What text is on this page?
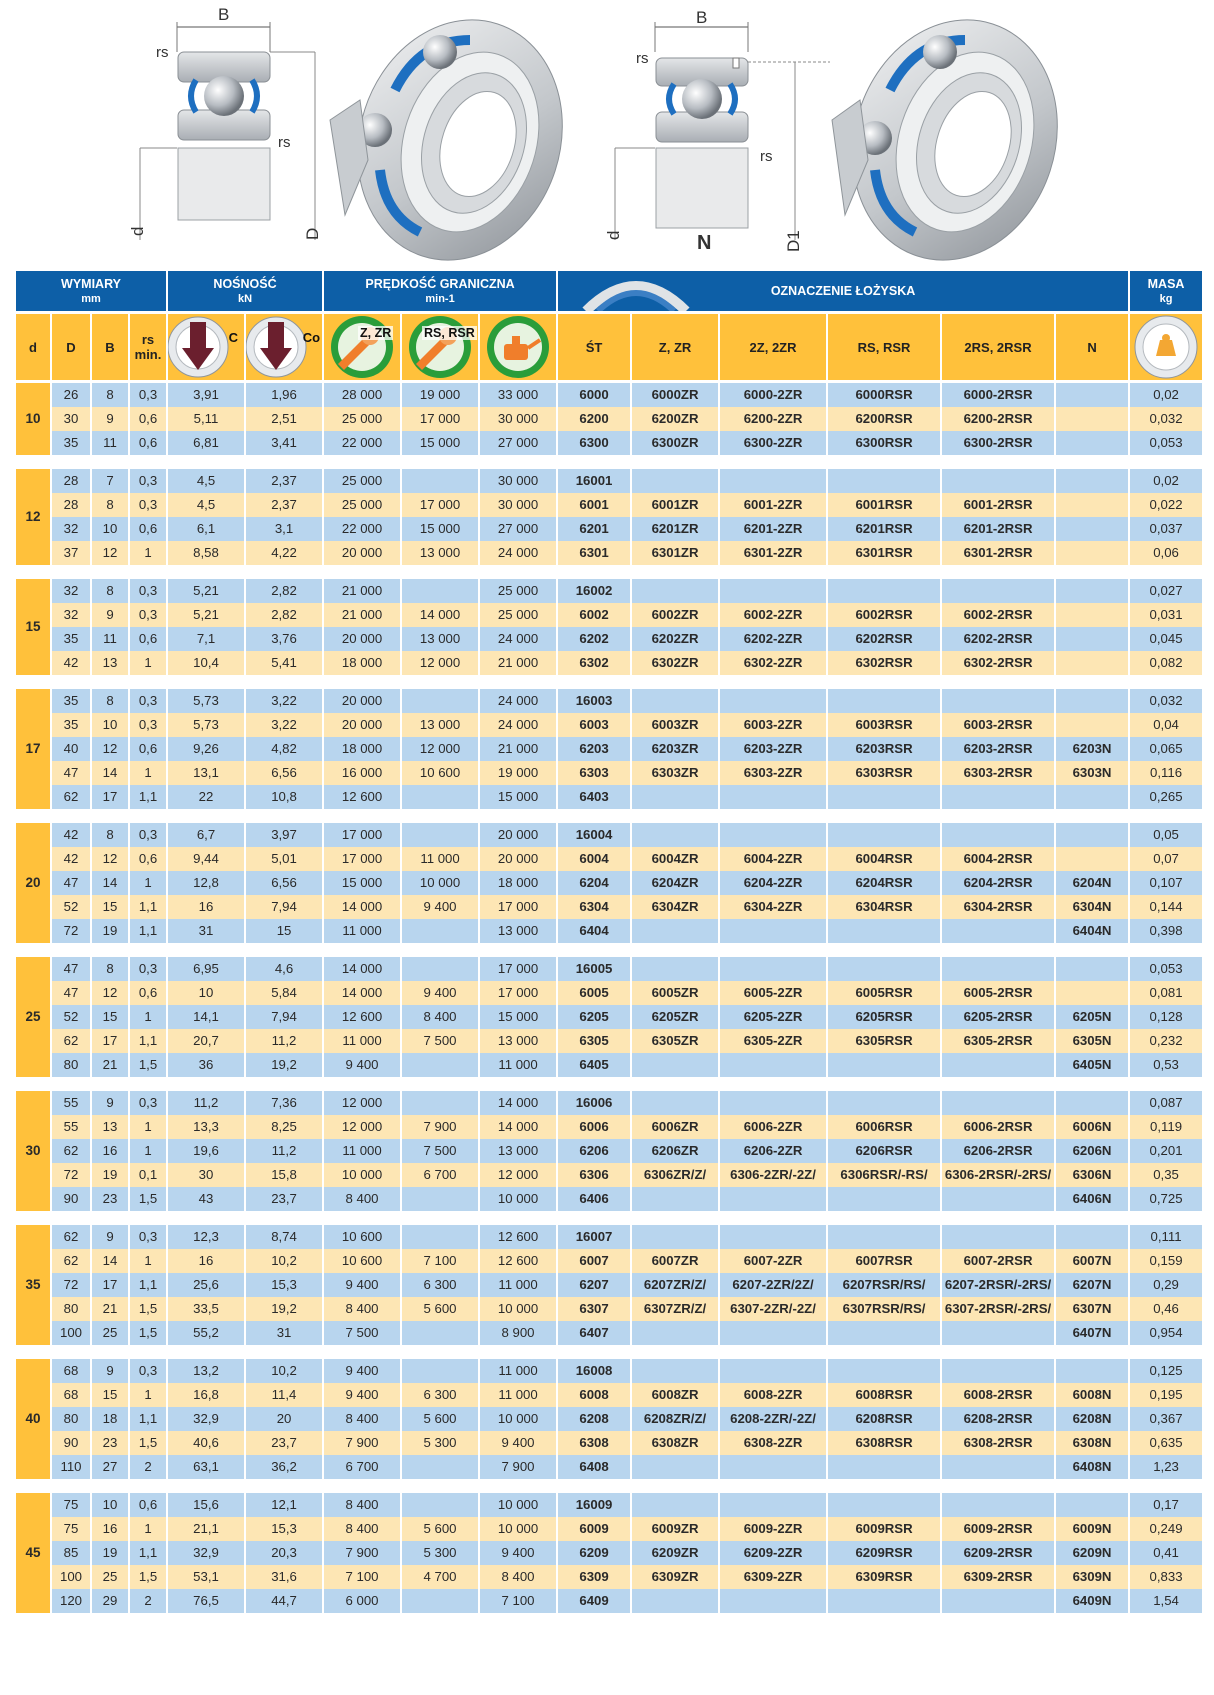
B
rs
rs
d	D
B
rs
rs
d	N	D1
WYMIARY
mm				NOŚNOŚĆ
kN		PRĘDKOŚĆ GRANICZNA
min-1			OZNACZENIE ŁOŻYSKA						MASA
kg
d	D	B	rs
min.	C	Co	Z, ZR	RS, RSR		ŚT	Z, ZR	2Z, 2ZR	RS, RSR	2RS, 2RSR	N	

10	26	8	0,3	3,91	1,96	28 000	19 000	33 000	6000	6000ZR	6000-2ZR	6000RSR	6000-2RSR		0,02
	30	9	0,6	5,11	2,51	25 000	17 000	30 000	6200	6200ZR	6200-2ZR	6200RSR	6200-2RSR		0,032
	35	11	0,6	6,81	3,41	22 000	15 000	27 000	6300	6300ZR	6300-2ZR	6300RSR	6300-2RSR		0,053

12	28	7	0,3	4,5	2,37	25 000		30 000	16001						0,02
	28	8	0,3	4,5	2,37	25 000	17 000	30 000	6001	6001ZR	6001-2ZR	6001RSR	6001-2RSR		0,022
	32	10	0,6	6,1	3,1	22 000	15 000	27 000	6201	6201ZR	6201-2ZR	6201RSR	6201-2RSR		0,037
	37	12	1	8,58	4,22	20 000	13 000	24 000	6301	6301ZR	6301-2ZR	6301RSR	6301-2RSR		0,06

15	32	8	0,3	5,21	2,82	21 000		25 000	16002						0,027
	32	9	0,3	5,21	2,82	21 000	14 000	25 000	6002	6002ZR	6002-2ZR	6002RSR	6002-2RSR		0,031
	35	11	0,6	7,1	3,76	20 000	13 000	24 000	6202	6202ZR	6202-2ZR	6202RSR	6202-2RSR		0,045
	42	13	1	10,4	5,41	18 000	12 000	21 000	6302	6302ZR	6302-2ZR	6302RSR	6302-2RSR		0,082

17	35	8	0,3	5,73	3,22	20 000		24 000	16003						0,032
	35	10	0,3	5,73	3,22	20 000	13 000	24 000	6003	6003ZR	6003-2ZR	6003RSR	6003-2RSR		0,04
	40	12	0,6	9,26	4,82	18 000	12 000	21 000	6203	6203ZR	6203-2ZR	6203RSR	6203-2RSR	6203N	0,065
	47	14	1	13,1	6,56	16 000	10 600	19 000	6303	6303ZR	6303-2ZR	6303RSR	6303-2RSR	6303N	0,116
	62	17	1,1	22	10,8	12 600		15 000	6403						0,265

20	42	8	0,3	6,7	3,97	17 000		20 000	16004						0,05
	42	12	0,6	9,44	5,01	17 000	11 000	20 000	6004	6004ZR	6004-2ZR	6004RSR	6004-2RSR		0,07
	47	14	1	12,8	6,56	15 000	10 000	18 000	6204	6204ZR	6204-2ZR	6204RSR	6204-2RSR	6204N	0,107
	52	15	1,1	16	7,94	14 000	9 400	17 000	6304	6304ZR	6304-2ZR	6304RSR	6304-2RSR	6304N	0,144
	72	19	1,1	31	15	11 000		13 000	6404					6404N	0,398

25	47	8	0,3	6,95	4,6	14 000		17 000	16005						0,053
	47	12	0,6	10	5,84	14 000	9 400	17 000	6005	6005ZR	6005-2ZR	6005RSR	6005-2RSR		0,081
	52	15	1	14,1	7,94	12 600	8 400	15 000	6205	6205ZR	6205-2ZR	6205RSR	6205-2RSR	6205N	0,128
	62	17	1,1	20,7	11,2	11 000	7 500	13 000	6305	6305ZR	6305-2ZR	6305RSR	6305-2RSR	6305N	0,232
	80	21	1,5	36	19,2	9 400		11 000	6405					6405N	0,53

30	55	9	0,3	11,2	7,36	12 000		14 000	16006						0,087
	55	13	1	13,3	8,25	12 000	7 900	14 000	6006	6006ZR	6006-2ZR	6006RSR	6006-2RSR	6006N	0,119
	62	16	1	19,6	11,2	11 000	7 500	13 000	6206	6206ZR	6206-2ZR	6206RSR	6206-2RSR	6206N	0,201
	72	19	0,1	30	15,8	10 000	6 700	12 000	6306	6306ZR/Z/	6306-2ZR/-2Z/	6306RSR/-RS/	6306-2RSR/-2RS/	6306N	0,35
	90	23	1,5	43	23,7	8 400		10 000	6406					6406N	0,725

35	62	9	0,3	12,3	8,74	10 600		12 600	16007						0,111
	62	14	1	16	10,2	10 600	7 100	12 600	6007	6007ZR	6007-2ZR	6007RSR	6007-2RSR	6007N	0,159
	72	17	1,1	25,6	15,3	9 400	6 300	11 000	6207	6207ZR/Z/	6207-2ZR/2Z/	6207RSR/RS/	6207-2RSR/-2RS/	6207N	0,29
	80	21	1,5	33,5	19,2	8 400	5 600	10 000	6307	6307ZR/Z/	6307-2ZR/-2Z/	6307RSR/RS/	6307-2RSR/-2RS/	6307N	0,46
	100	25	1,5	55,2	31	7 500		8 900	6407					6407N	0,954

40	68	9	0,3	13,2	10,2	9 400		11 000	16008						0,125
	68	15	1	16,8	11,4	9 400	6 300	11 000	6008	6008ZR	6008-2ZR	6008RSR	6008-2RSR	6008N	0,195
	80	18	1,1	32,9	20	8 400	5 600	10 000	6208	6208ZR/Z/	6208-2ZR/-2Z/	6208RSR	6208-2RSR	6208N	0,367
	90	23	1,5	40,6	23,7	7 900	5 300	9 400	6308	6308ZR	6308-2ZR	6308RSR	6308-2RSR	6308N	0,635
	110	27	2	63,1	36,2	6 700		7 900	6408					6408N	1,23

45	75	10	0,6	15,6	12,1	8 400		10 000	16009						0,17
	75	16	1	21,1	15,3	8 400	5 600	10 000	6009	6009ZR	6009-2ZR	6009RSR	6009-2RSR	6009N	0,249
	85	19	1,1	32,9	20,3	7 900	5 300	9 400	6209	6209ZR	6209-2ZR	6209RSR	6209-2RSR	6209N	0,41
	100	25	1,5	53,1	31,6	7 100	4 700	8 400	6309	6309ZR	6309-2ZR	6309RSR	6309-2RSR	6309N	0,833
	120	29	2	76,5	44,7	6 000		7 100	6409					6409N	1,54
